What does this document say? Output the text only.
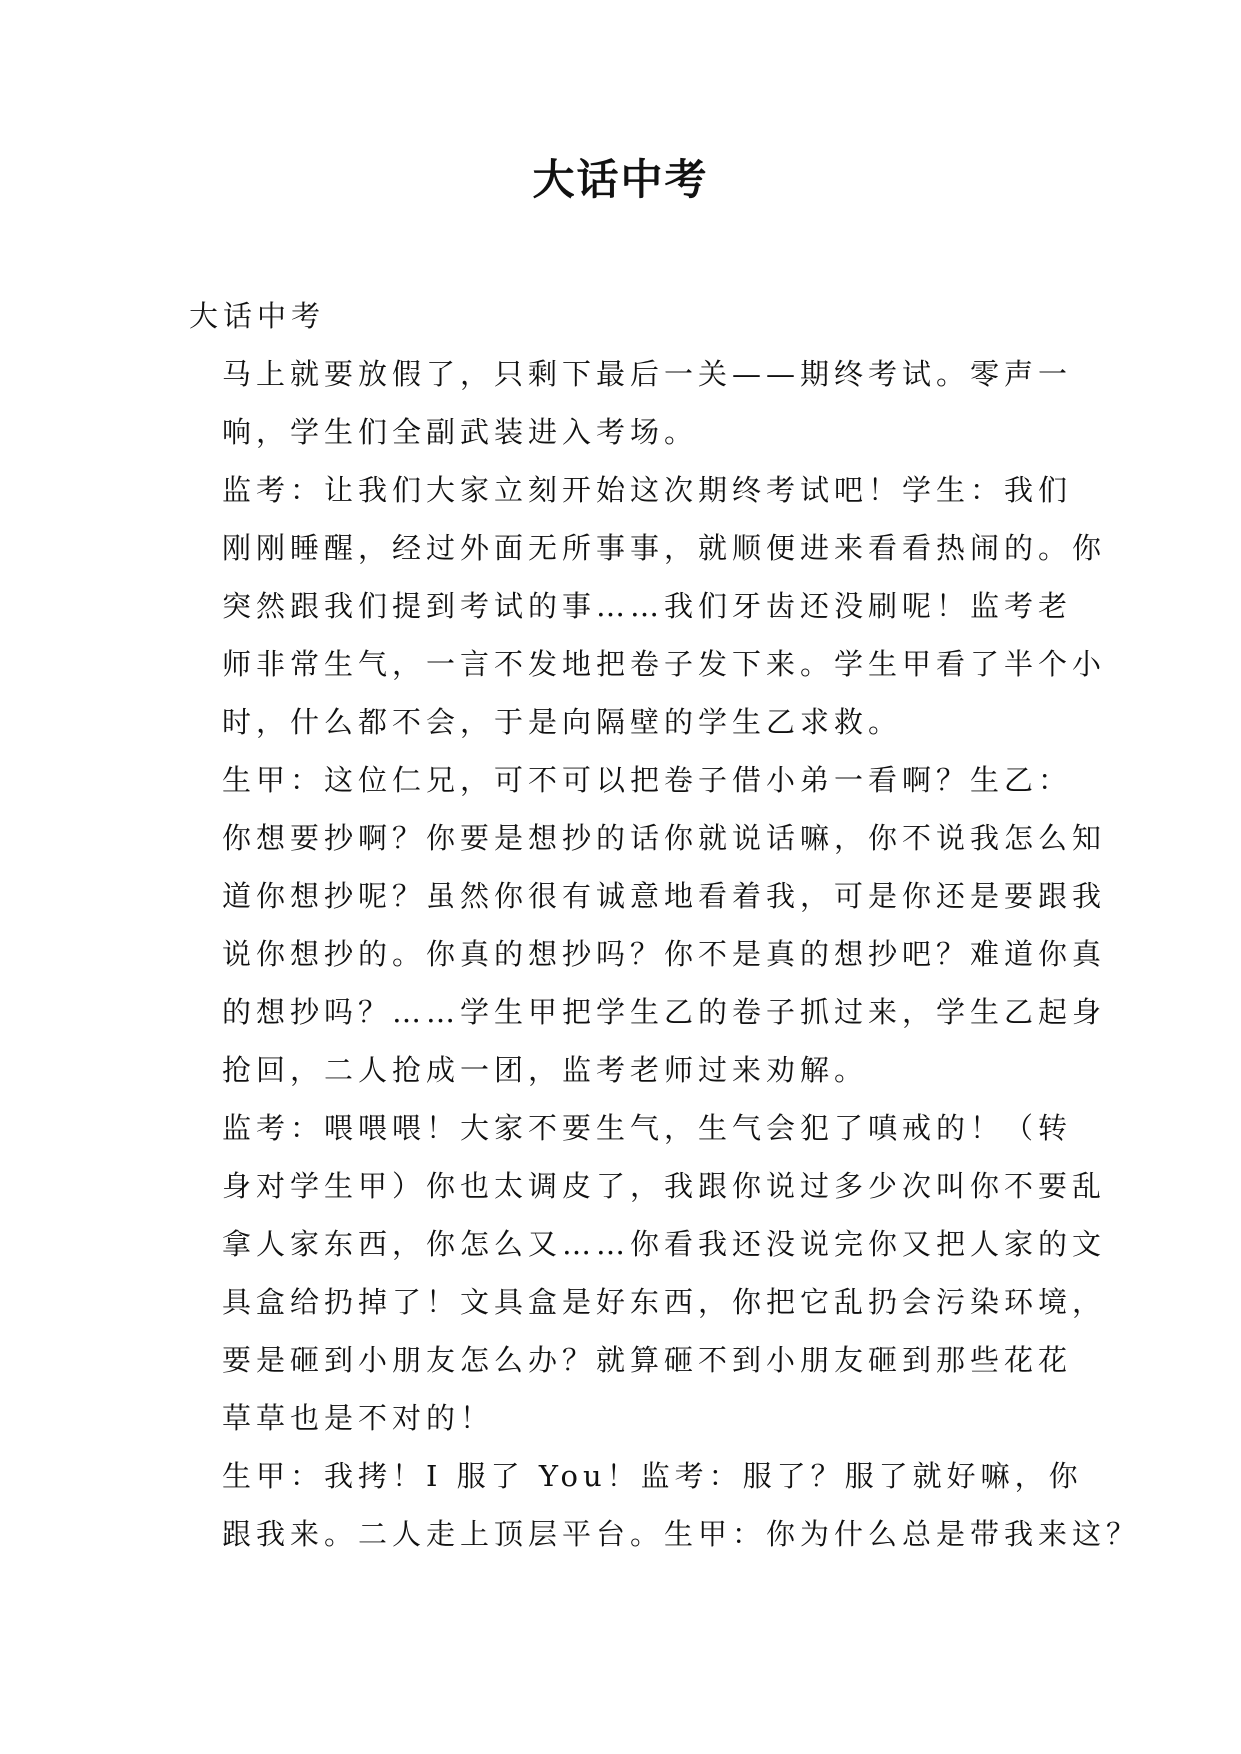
大话中考

大话中考

马上就要放假了，只剩下最后一关——期终考试。零声一
响，学生们全副武装进入考场。

监考：让我们大家立刻开始这次期终考试吧！学生：我们
刚刚睡醒，经过外面无所事事，就顺便进来看看热闹的。你
突然跟我们提到考试的事……我们牙齿还没刷呢！监考老
师非常生气，一言不发地把卷子发下来。学生甲看了半个小
时，什么都不会，于是向隔壁的学生乙求救。

生甲：这位仁兄，可不可以把卷子借小弟一看啊？生乙：
你想要抄啊？你要是想抄的话你就说话嘛，你不说我怎么知
道你想抄呢？虽然你很有诚意地看着我，可是你还是要跟我
说你想抄的。你真的想抄吗？你不是真的想抄吧？难道你真
的想抄吗？……学生甲把学生乙的卷子抓过来，学生乙起身
抢回，二人抢成一团，监考老师过来劝解。

监考：喂喂喂！大家不要生气，生气会犯了嗔戒的！（转
身对学生甲）你也太调皮了，我跟你说过多少次叫你不要乱
拿人家东西，你怎么又……你看我还没说完你又把人家的文
具盒给扔掉了！文具盒是好东西，你把它乱扔会污染环境，
要是砸到小朋友怎么办？就算砸不到小朋友砸到那些花花
草草也是不对的！

生甲：我拷！I 服了 You！监考：服了？服了就好嘛，你
跟我来。二人走上顶层平台。生甲：你为什么总是带我来这？
